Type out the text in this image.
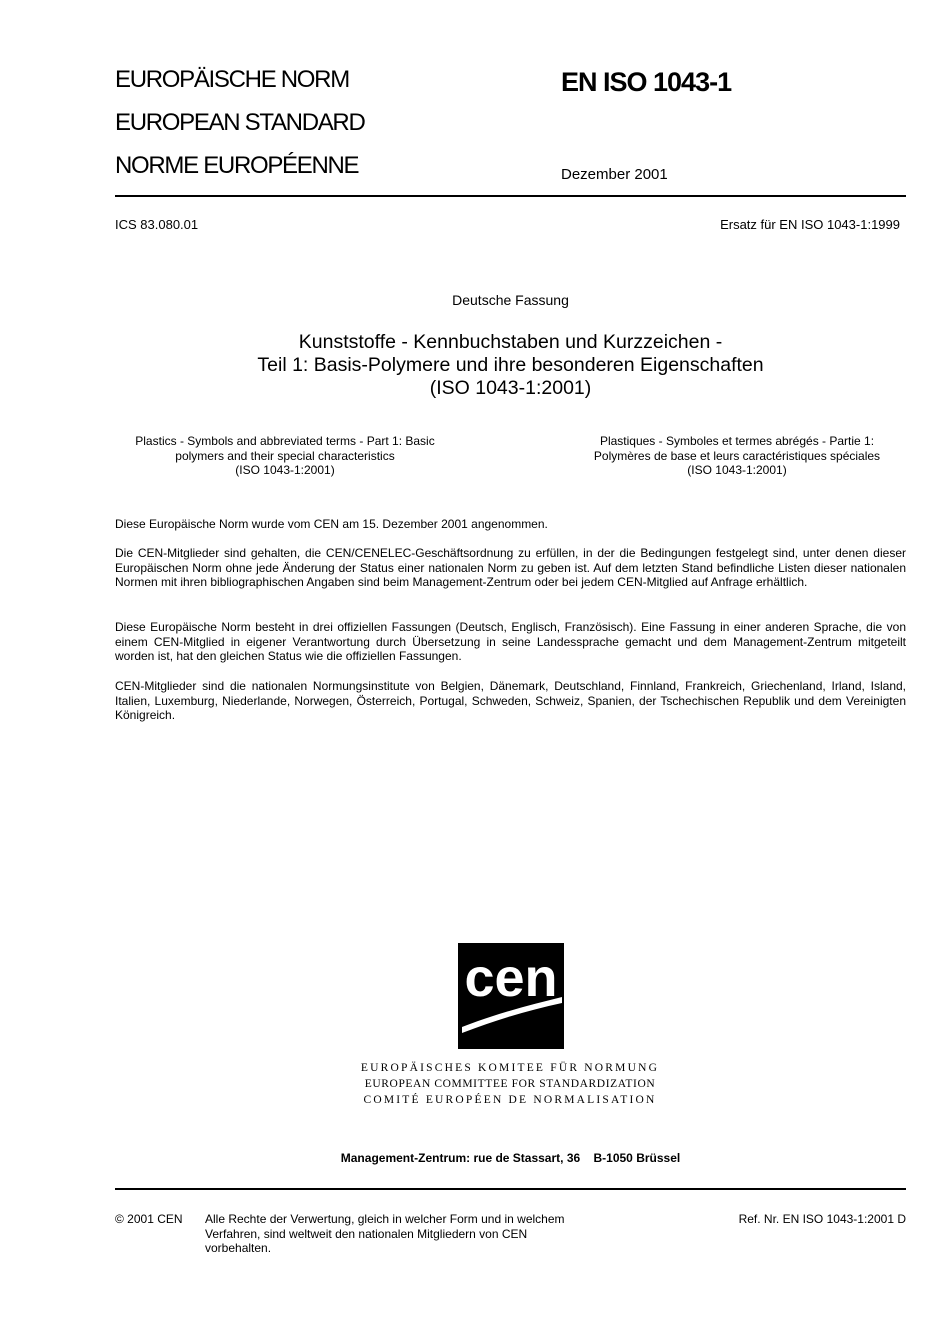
EUROPÄISCHE NORM
EUROPEAN STANDARD
NORME EUROPÉENNE
EN ISO 1043-1
Dezember 2001
ICS 83.080.01	Ersatz für EN ISO 1043-1:1999
Deutsche Fassung
Kunststoffe - Kennbuchstaben und Kurzzeichen -
Teil 1: Basis-Polymere und ihre besonderen Eigenschaften
(ISO 1043-1:2001)
Plastics - Symbols and abbreviated terms - Part 1: Basic
polymers and their special characteristics
(ISO 1043-1:2001)
Plastiques - Symboles et termes abrégés - Partie 1:
Polymères de base et leurs caractéristiques spéciales
(ISO 1043-1:2001)

Diese Europäische Norm wurde vom CEN am 15. Dezember 2001 angenommen.

Die CEN-Mitglieder sind gehalten, die CEN/CENELEC-Geschäftsordnung zu erfüllen, in der die Bedingungen festgelegt sind, unter denen dieser Europäischen Norm ohne jede Änderung der Status einer nationalen Norm zu geben ist. Auf dem letzten Stand befindliche Listen dieser nationalen Normen mit ihren bibliographischen Angaben sind beim Management-Zentrum oder bei jedem CEN-Mitglied auf Anfrage erhältlich.

Diese Europäische Norm besteht in drei offiziellen Fassungen (Deutsch, Englisch, Französisch). Eine Fassung in einer anderen Sprache, die von einem CEN-Mitglied in eigener Verantwortung durch Übersetzung in seine Landessprache gemacht und dem Management-Zentrum mitgeteilt worden ist, hat den gleichen Status wie die offiziellen Fassungen.

CEN-Mitglieder sind die nationalen Normungsinstitute von Belgien, Dänemark, Deutschland, Finnland, Frankreich, Griechenland, Irland, Island, Italien, Luxemburg, Niederlande, Norwegen, Österreich, Portugal, Schweden, Schweiz, Spanien, der Tschechischen Republik und dem Vereinigten Königreich.

cen
EUROPÄISCHES KOMITEE FÜR NORMUNG
EUROPEAN COMMITTEE FOR STANDARDIZATION
COMITÉ EUROPÉEN DE NORMALISATION
Management-Zentrum: rue de Stassart, 36    B-1050 Brüssel
© 2001 CEN Alle Rechte der Verwertung, gleich in welcher Form und in welchem
Verfahren, sind weltweit den nationalen Mitgliedern von CEN
vorbehalten.
Ref. Nr. EN ISO 1043-1:2001 D
